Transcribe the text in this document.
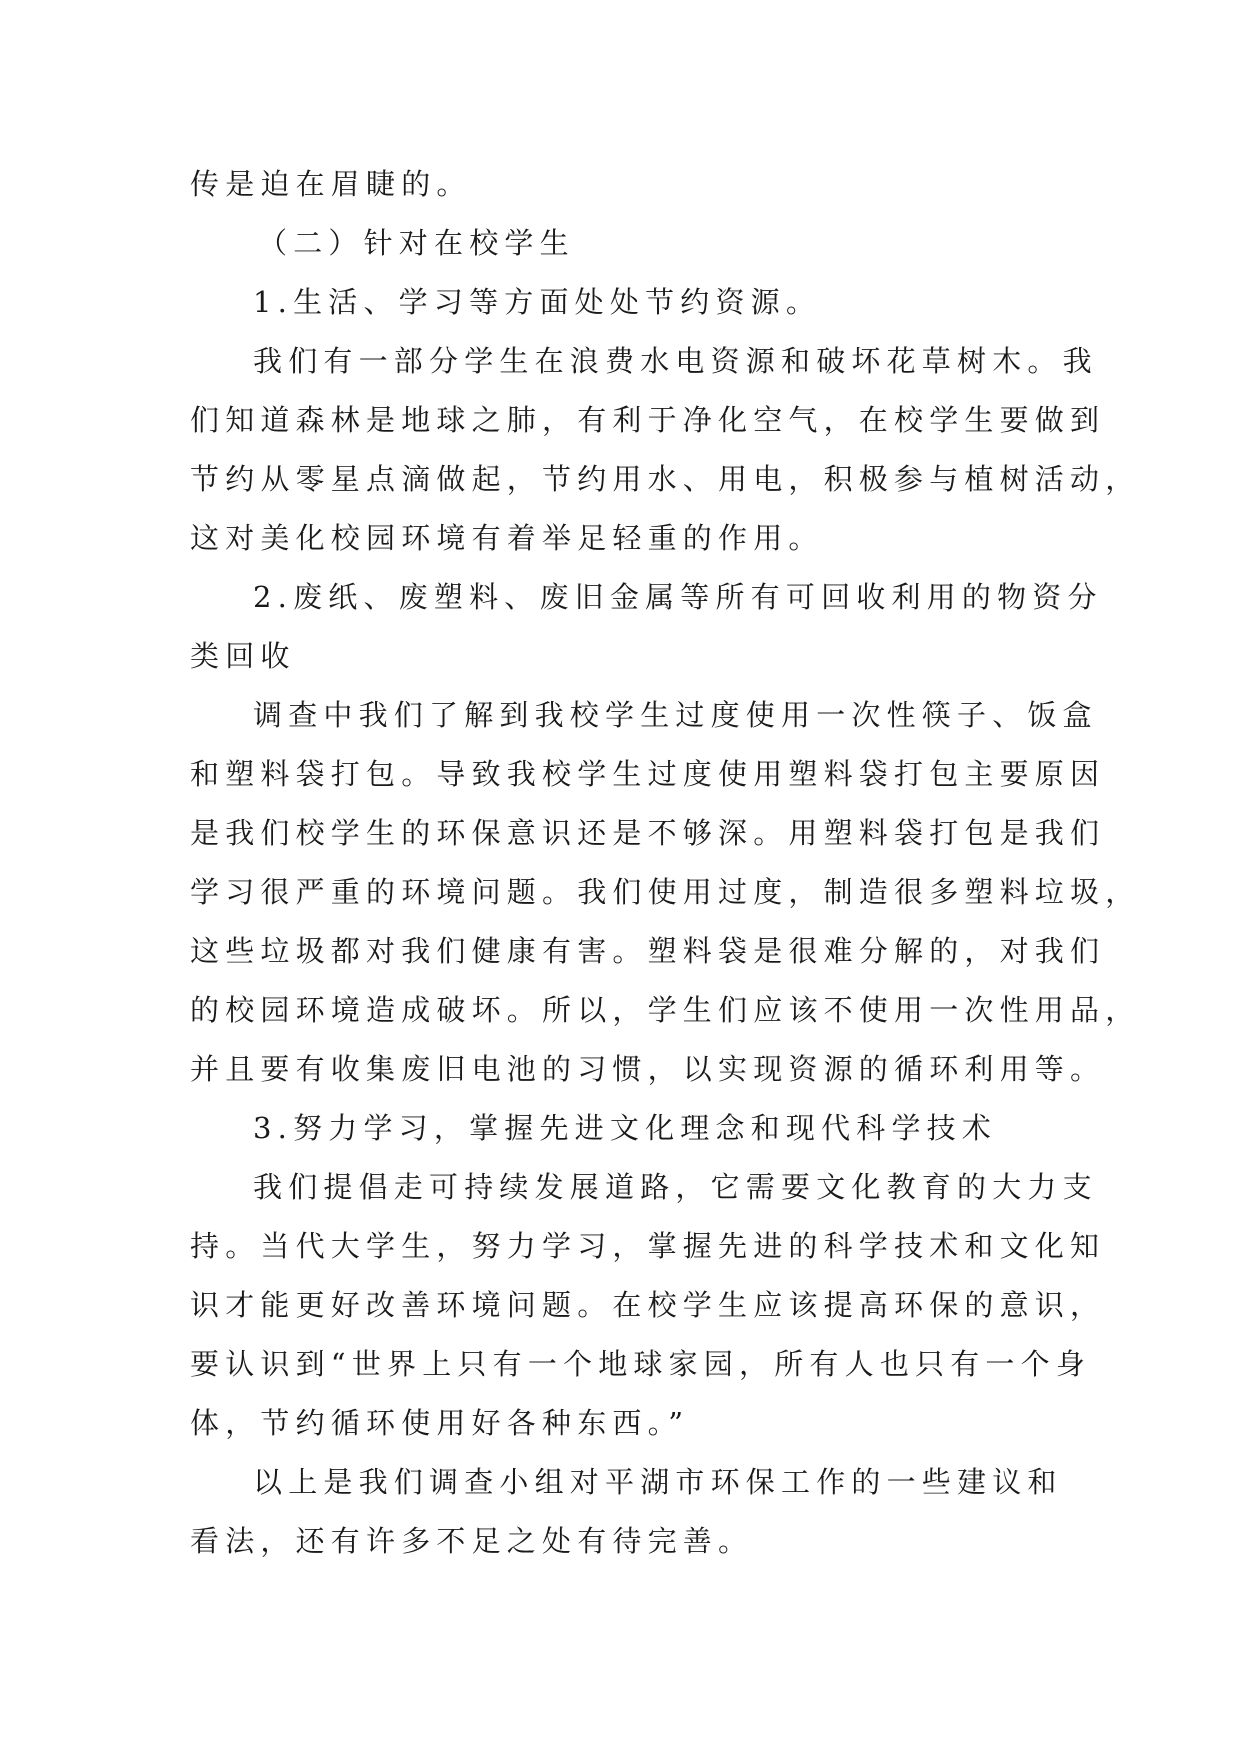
传是迫在眉睫的。

（二）针对在校学生

1.生活、学习等方面处处节约资源。

我们有一部分学生在浪费水电资源和破坏花草树木。我

们知道森林是地球之肺，有利于净化空气，在校学生要做到

节约从零星点滴做起，节约用水、用电，积极参与植树活动，

这对美化校园环境有着举足轻重的作用。

2.废纸、废塑料、废旧金属等所有可回收利用的物资分

类回收

调查中我们了解到我校学生过度使用一次性筷子、饭盒

和塑料袋打包。导致我校学生过度使用塑料袋打包主要原因

是我们校学生的环保意识还是不够深。用塑料袋打包是我们

学习很严重的环境问题。我们使用过度，制造很多塑料垃圾，

这些垃圾都对我们健康有害。塑料袋是很难分解的，对我们

的校园环境造成破坏。所以，学生们应该不使用一次性用品，

并且要有收集废旧电池的习惯，以实现资源的循环利用等。

3.努力学习，掌握先进文化理念和现代科学技术

我们提倡走可持续发展道路，它需要文化教育的大力支

持。当代大学生，努力学习，掌握先进的科学技术和文化知

识才能更好改善环境问题。在校学生应该提高环保的意识，

要认识到“世界上只有一个地球家园，所有人也只有一个身

体，节约循环使用好各种东西。”

以上是我们调查小组对平湖市环保工作的一些建议和

看法，还有许多不足之处有待完善。
